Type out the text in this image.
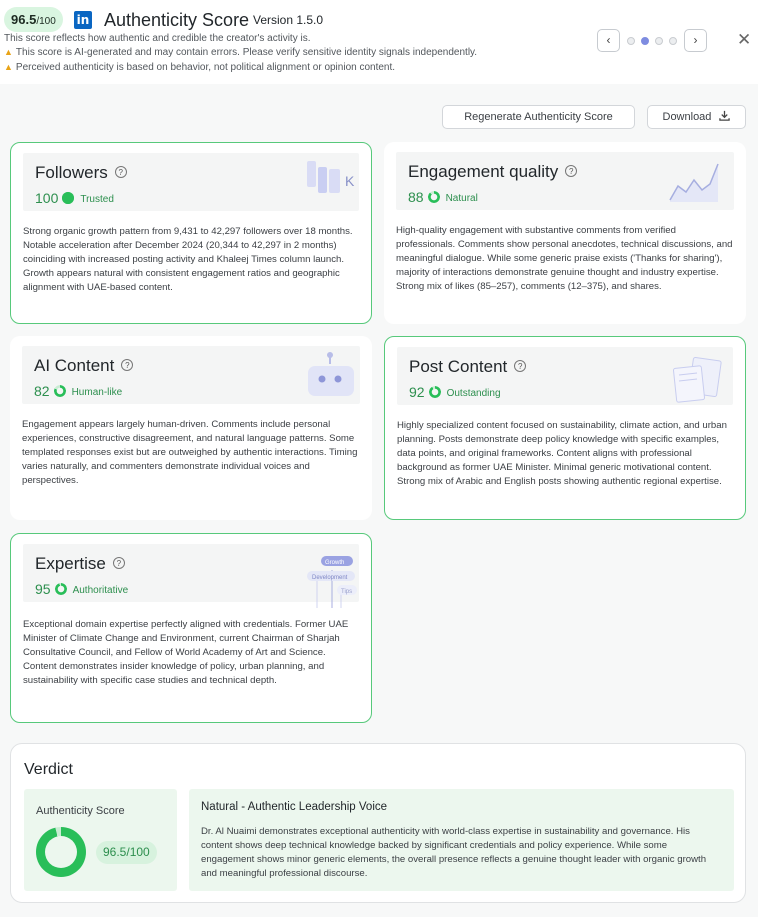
96.5/100	in Authenticity Score Version 1.5.0
This score reflects how authentic and credible the creator's activity is.
▲ This score is AI-generated and may contain errors. Please verify sensitive identity signals independently.
▲ Perceived authenticity is based on behavior, not political alignment or opinion content.
‹	›	✕
Regenerate Authenticity Score	Download
Followers ?
100 Trusted
K
Strong organic growth pattern from 9,431 to 42,297 followers over 18 months. Notable acceleration after December 2024 (20,344 to 42,297 in 2 months) coinciding with increased posting activity and Khaleej Times column launch. Growth appears natural with consistent engagement ratios and geographic alignment with UAE-based content.
Engagement quality ?
88 Natural
High-quality engagement with substantive comments from verified professionals. Comments show personal anecdotes, technical discussions, and meaningful dialogue. While some generic praise exists ('Thanks for sharing'), majority of interactions demonstrate genuine thought and industry expertise. Strong mix of likes (85–257), comments (12–375), and shares.
AI Content ?
82 Human-like
Engagement appears largely human-driven. Comments include personal experiences, constructive disagreement, and natural language patterns. Some templated responses exist but are outweighed by authentic interactions. Timing varies naturally, and commenters demonstrate individual voices and perspectives.
Post Content ?
92 Outstanding
Highly specialized content focused on sustainability, climate action, and urban planning. Posts demonstrate deep policy knowledge with specific examples, data points, and original frameworks. Content aligns with professional background as former UAE Minister. Minimal generic motivational content. Strong mix of Arabic and English posts showing authentic regional expertise.
Expertise ?
95 Authoritative
Growth
Development
Tips
Exceptional domain expertise perfectly aligned with credentials. Former UAE Minister of Climate Change and Environment, current Chairman of Sharjah Consultative Council, and Fellow of World Academy of Art and Science. Content demonstrates insider knowledge of policy, urban planning, and sustainability with specific case studies and technical depth.
Verdict
Authenticity Score
96.5/100
Natural - Authentic Leadership Voice
Dr. Al Nuaimi demonstrates exceptional authenticity with world-class expertise in sustainability and governance. His content shows deep technical knowledge backed by significant credentials and policy experience. While some engagement shows minor generic elements, the overall presence reflects a genuine thought leader with organic growth and meaningful professional discourse.
